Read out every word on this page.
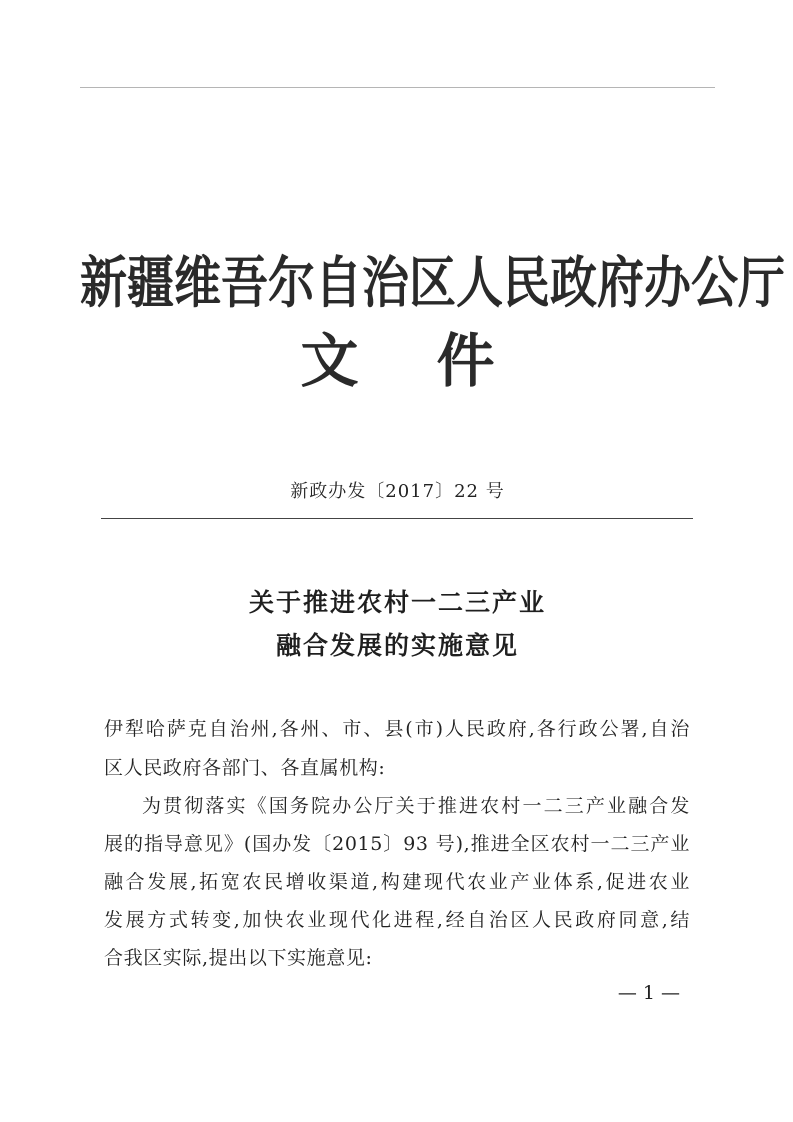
新疆维吾尔自治区人民政府办公厅
文件
新政办发〔2017〕22 号
关于推进农村一二三产业
融合发展的实施意见
伊犁哈萨克自治州,各州、市、县(市)人民政府,各行政公署,自治
区人民政府各部门、各直属机构:
为贯彻落实《国务院办公厅关于推进农村一二三产业融合发
展的指导意见》(国办发〔2015〕93 号),推进全区农村一二三产业
融合发展,拓宽农民增收渠道,构建现代农业产业体系,促进农业
发展方式转变,加快农业现代化进程,经自治区人民政府同意,结
合我区实际,提出以下实施意见:
— 1 —
